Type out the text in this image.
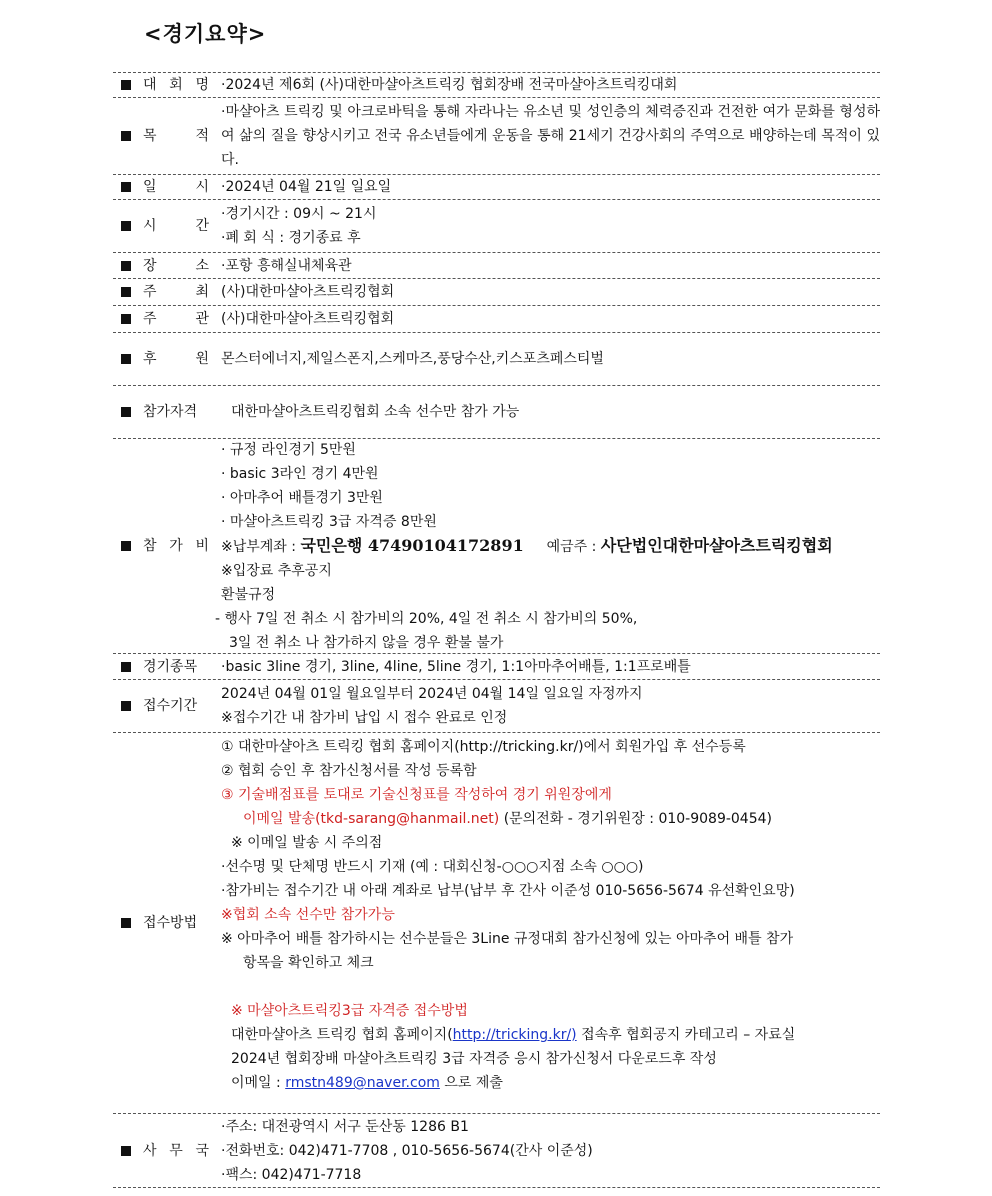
<경기요약>
대 회 명 ·2024년 제6회 (사)대한마샬아츠트릭킹 협회장배 전국마샬아츠트릭킹대회
목 적
·마샬아츠 트릭킹 및 아크로바틱을 통해 자라나는 유소년 및 성인층의 체력증진과 건전한 여가 문화를 형성하여 삶의 질을 향상시키고 전국 유소년들에게 운동을 통해 21세기 건강사회의 주역으로 배양하는데 목적이 있다.
일 시 ·2024년 04월 21일 일요일
시 간
·경기시간 : 09시 ~ 21시
·폐 회 식 : 경기종료 후
장 소 ·포항 흥해실내체육관
주 최 (사)대한마샬아츠트릭킹협회
주 관 (사)대한마샬아츠트릭킹협회
후 원 몬스터에너지,제일스폰지,스케마즈,풍당수산,키스포츠페스티벌
참가자격	대한마샬아츠트릭킹협회 소속 선수만 참가 가능
참 가 비
· 규정 라인경기 5만원
· basic 3라인 경기 4만원
· 아마추어 배틀경기 3만원
· 마샬아츠트릭킹 3급 자격증 8만원
※납부계좌 : 국민은행 47490104172891 예금주 : 사단법인대한마샬아츠트릭킹협회
※입장료 추후공지
환불규정
- 행사 7일 전 취소 시 참가비의 20%, 4일 전 취소 시 참가비의 50%,
3일 전 취소 나 참가하지 않을 경우 환불 불가
경기종목	·basic 3line 경기, 3line, 4line, 5line 경기, 1:1아마추어배틀, 1:1프로배틀
접수기간
2024년 04월 01일 월요일부터 2024년 04월 14일 일요일 자정까지
※접수기간 내 참가비 납입 시 접수 완료로 인정
접수방법
① 대한마샬아츠 트릭킹 협회 홈페이지(http://tricking.kr/)에서 회원가입 후 선수등록
② 협회 승인 후 참가신청서를 작성 등록함
③ 기술배점표를 토대로 기술신청표를 작성하여 경기 위원장에게
이메일 발송(tkd-sarang@hanmail.net) (문의전화 - 경기위원장 : 010-9089-0454)
※ 이메일 발송 시 주의점
·선수명 및 단체명 반드시 기재 (예 : 대회신청-○○○지점 소속 ○○○)
·참가비는 접수기간 내 아래 계좌로 납부(납부 후 간사 이준성 010-5656-5674 유선확인요망)
※협회 소속 선수만 참가가능
※ 아마추어 배틀 참가하시는 선수분들은 3Line 규정대회 참가신청에 있는 아마추어 배틀 참가
항목을 확인하고 체크
※ 마샬아츠트릭킹3급 자격증 접수방법
대한마샬아츠 트릭킹 협회 홈페이지(http://tricking.kr/) 접속후 협회공지 카테고리 – 자료실
2024년 협회장배 마샬아츠트릭킹 3급 자격증 응시 참가신청서 다운로드후 작성
이메일 : rmstn489@naver.com 으로 제출
사 무 국
·주소: 대전광역시 서구 둔산동 1286 B1
·전화번호: 042)471-7708 , 010-5656-5674(간사 이준성)
·팩스: 042)471-7718
